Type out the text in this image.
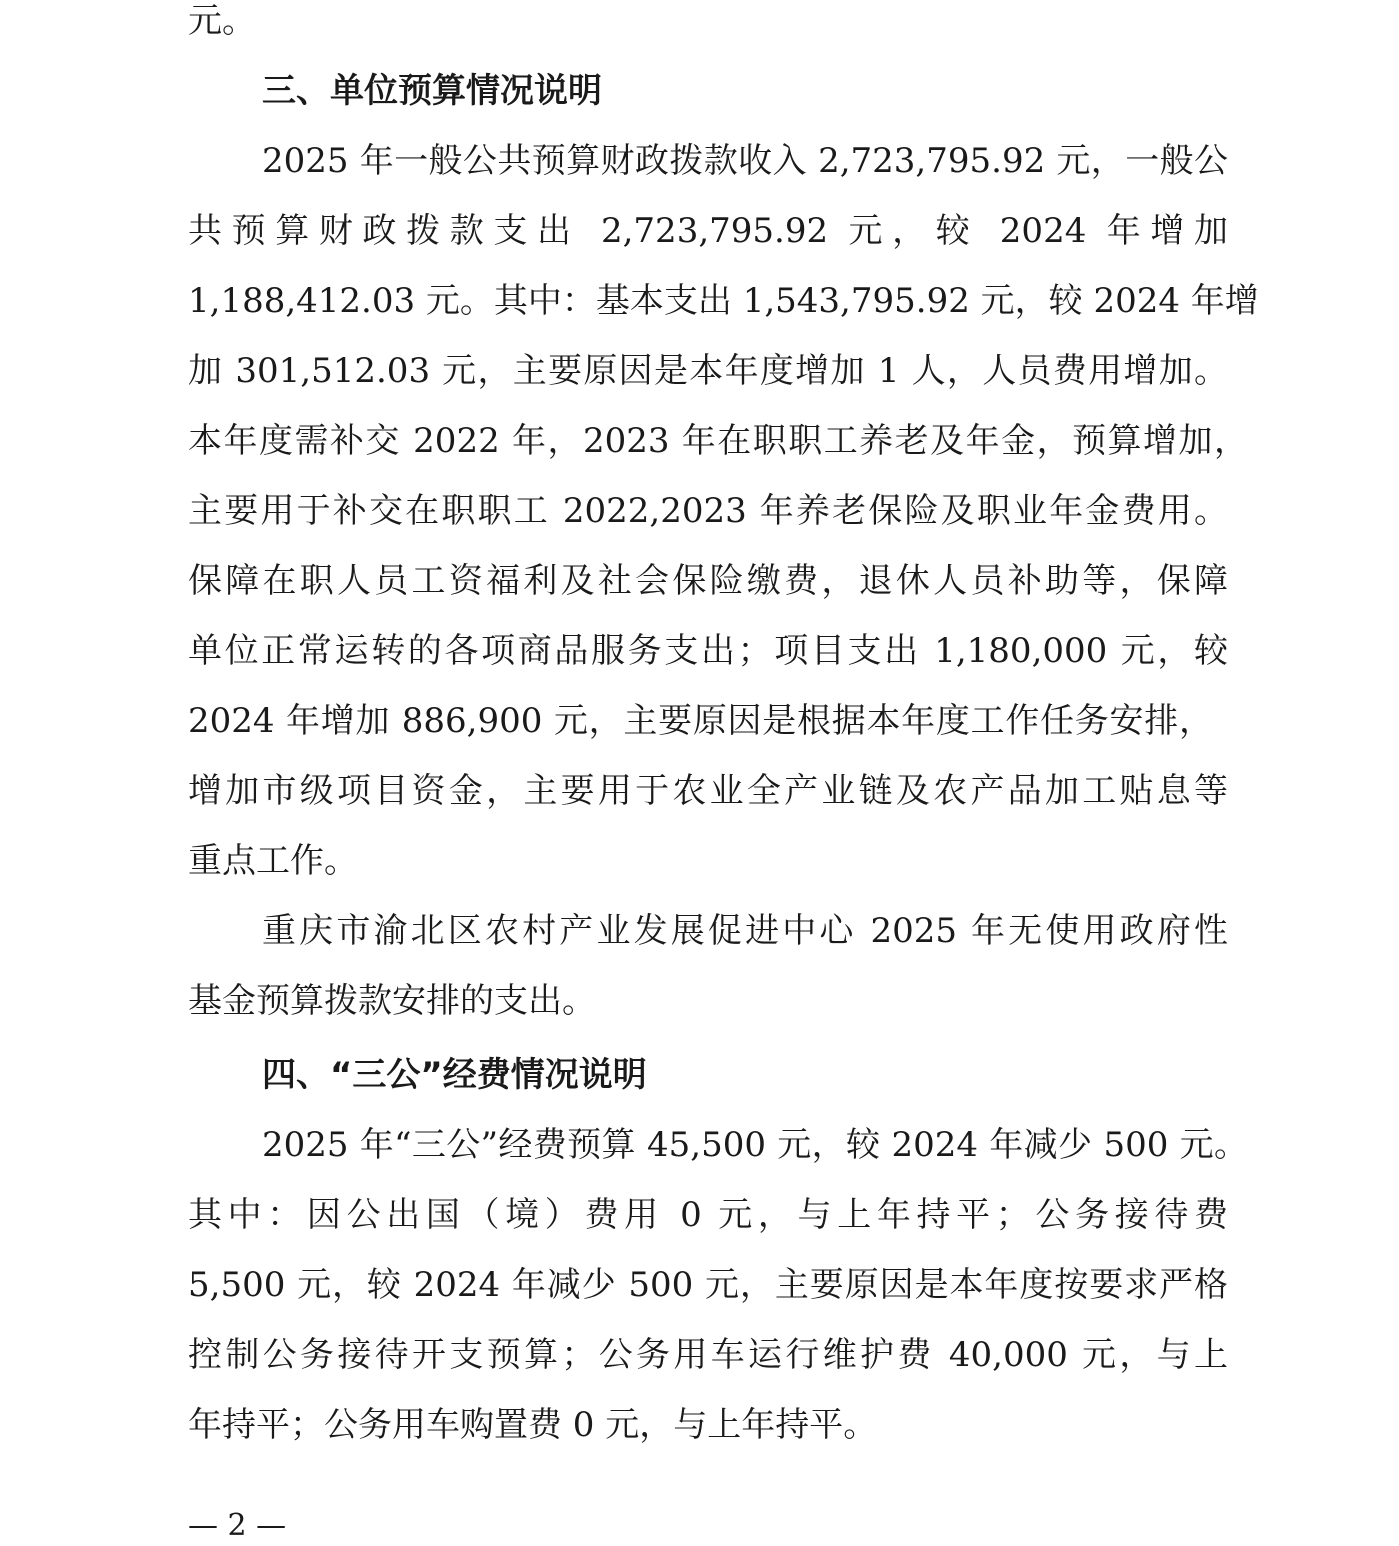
元。

三、单位预算情况说明

2025 年一般公共预算财政拨款收入 2,723,795.92 元，一般公

共预算财政拨款支出 2,723,795.92 元，较 2024 年增加

1,188,412.03 元。其中：基本支出 1,543,795.92 元，较 2024 年增

加 301,512.03 元，主要原因是本年度增加 1 人，人员费用增加。

本年度需补交 2022 年，2023 年在职职工养老及年金，预算增加，

主要用于补交在职职工 2022,2023 年养老保险及职业年金费用。

保障在职人员工资福利及社会保险缴费，退休人员补助等，保障

单位正常运转的各项商品服务支出；项目支出 1,180,000 元，较

2024 年增加 886,900 元，主要原因是根据本年度工作任务安排，

增加市级项目资金，主要用于农业全产业链及农产品加工贴息等

重点工作。

重庆市渝北区农村产业发展促进中心 2025 年无使用政府性

基金预算拨款安排的支出。

四、“三公”经费情况说明

2025 年“三公”经费预算 45,500 元，较 2024 年减少 500 元。

其中：因公出国（境）费用 0 元，与上年持平；公务接待费

5,500 元，较 2024 年减少 500 元，主要原因是本年度按要求严格

控制公务接待开支预算；公务用车运行维护费 40,000 元，与上

年持平；公务用车购置费 0 元，与上年持平。

— 2 —
